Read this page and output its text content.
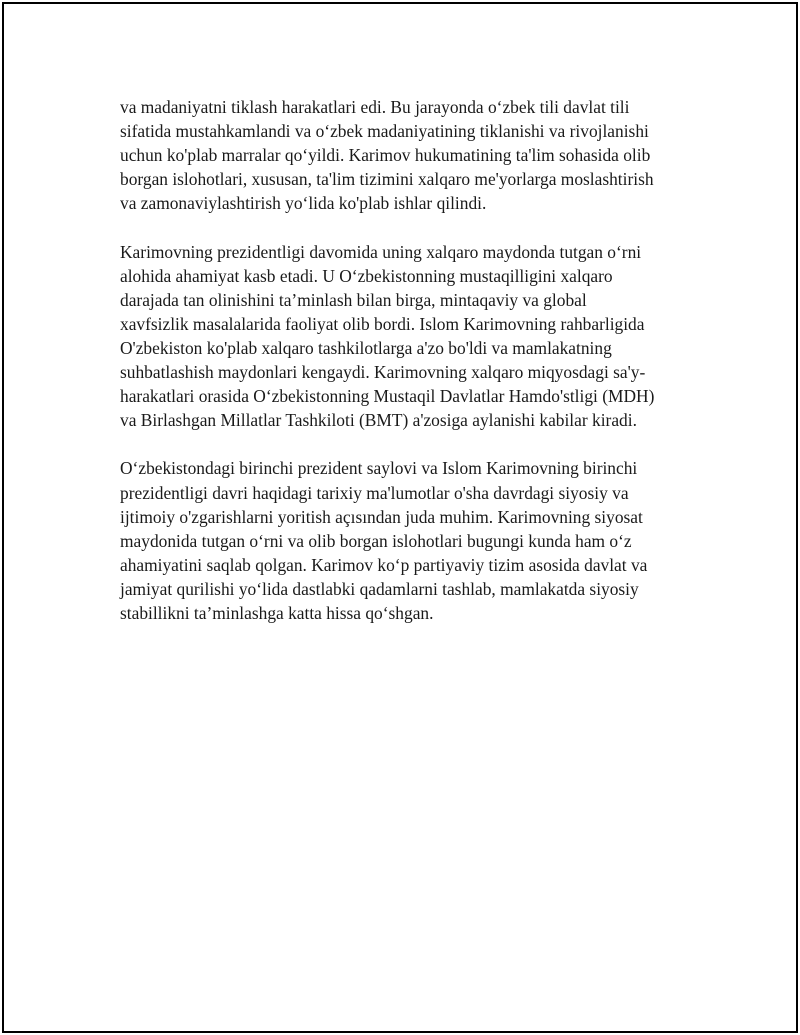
va madaniyatni tiklash harakatlari edi. Bu jarayonda oʻzbek tili davlat tili
sifatida mustahkamlandi va oʻzbek madaniyatining tiklanishi va rivojlanishi
uchun ko'plab marralar qoʻyildi. Karimov hukumatining ta'lim sohasida olib
borgan islohotlari, xususan, ta'lim tizimini xalqaro me'yorlarga moslashtirish
va zamonaviylashtirish yoʻlida ko'plab ishlar qilindi.

Karimovning prezidentligi davomida uning xalqaro maydonda tutgan oʻrni
alohida ahamiyat kasb etadi. U Oʻzbekistonning mustaqilligini xalqaro
darajada tan olinishini ta’minlash bilan birga, mintaqaviy va global
xavfsizlik masalalarida faoliyat olib bordi. Islom Karimovning rahbarligida
O'zbekiston ko'plab xalqaro tashkilotlarga a'zo bo'ldi va mamlakatning
suhbatlashish maydonlari kengaydi. Karimovning xalqaro miqyosdagi sa'y-
harakatlari orasida Oʻzbekistonning Mustaqil Davlatlar Hamdo'stligi (MDH)
va Birlashgan Millatlar Tashkiloti (BMT) a'zosiga aylanishi kabilar kiradi.

Oʻzbekistondagi birinchi prezident saylovi va Islom Karimovning birinchi
prezidentligi davri haqidagi tarixiy ma'lumotlar o'sha davrdagi siyosiy va
ijtimoiy o'zgarishlarni yoritish açısından juda muhim. Karimovning siyosat
maydonida tutgan oʻrni va olib borgan islohotlari bugungi kunda ham oʻz
ahamiyatini saqlab qolgan. Karimov koʻp partiyaviy tizim asosida davlat va
jamiyat qurilishi yoʻlida dastlabki qadamlarni tashlab, mamlakatda siyosiy
stabillikni ta’minlashga katta hissa qoʻshgan.
